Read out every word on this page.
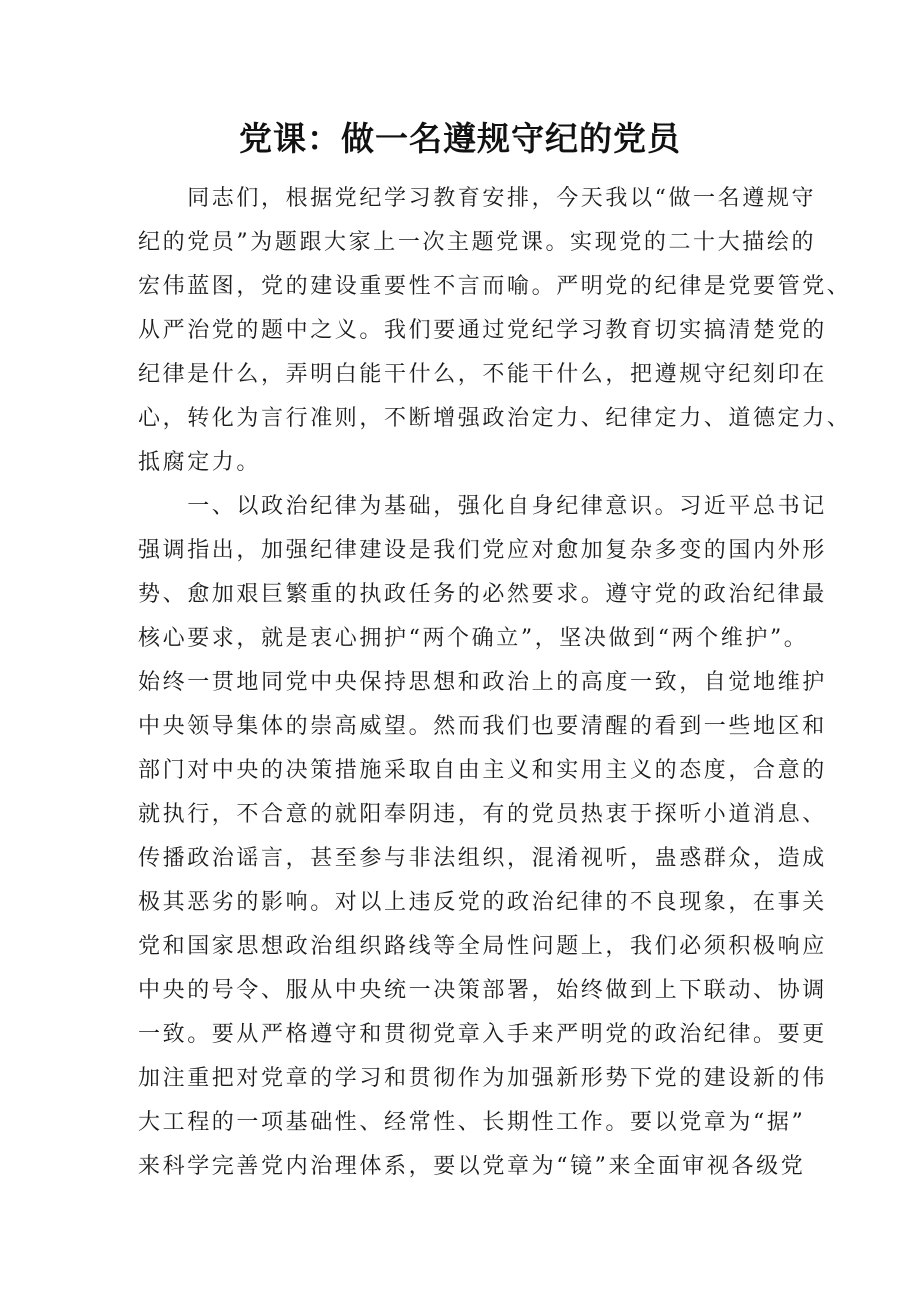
党课：做一名遵规守纪的党员
　　同志们，根据党纪学习教育安排，今天我以“做一名遵规守
纪的党员”为题跟大家上一次主题党课。实现党的二十大描绘的
宏伟蓝图，党的建设重要性不言而喻。严明党的纪律是党要管党、
从严治党的题中之义。我们要通过党纪学习教育切实搞清楚党的
纪律是什么，弄明白能干什么，不能干什么，把遵规守纪刻印在
心，转化为言行准则，不断增强政治定力、纪律定力、道德定力、
抵腐定力。
　　一、以政治纪律为基础，强化自身纪律意识。习近平总书记
强调指出，加强纪律建设是我们党应对愈加复杂多变的国内外形
势、愈加艰巨繁重的执政任务的必然要求。遵守党的政治纪律最
核心要求，就是衷心拥护“两个确立”，坚决做到“两个维护”。
始终一贯地同党中央保持思想和政治上的高度一致，自觉地维护
中央领导集体的崇高威望。然而我们也要清醒的看到一些地区和
部门对中央的决策措施采取自由主义和实用主义的态度，合意的
就执行，不合意的就阳奉阴违，有的党员热衷于探听小道消息、
传播政治谣言，甚至参与非法组织，混淆视听，蛊惑群众，造成
极其恶劣的影响。对以上违反党的政治纪律的不良现象，在事关
党和国家思想政治组织路线等全局性问题上，我们必须积极响应
中央的号令、服从中央统一决策部署，始终做到上下联动、协调
一致。要从严格遵守和贯彻党章入手来严明党的政治纪律。要更
加注重把对党章的学习和贯彻作为加强新形势下党的建设新的伟
大工程的一项基础性、经常性、长期性工作。要以党章为“据”
来科学完善党内治理体系，要以党章为“镜”来全面审视各级党
